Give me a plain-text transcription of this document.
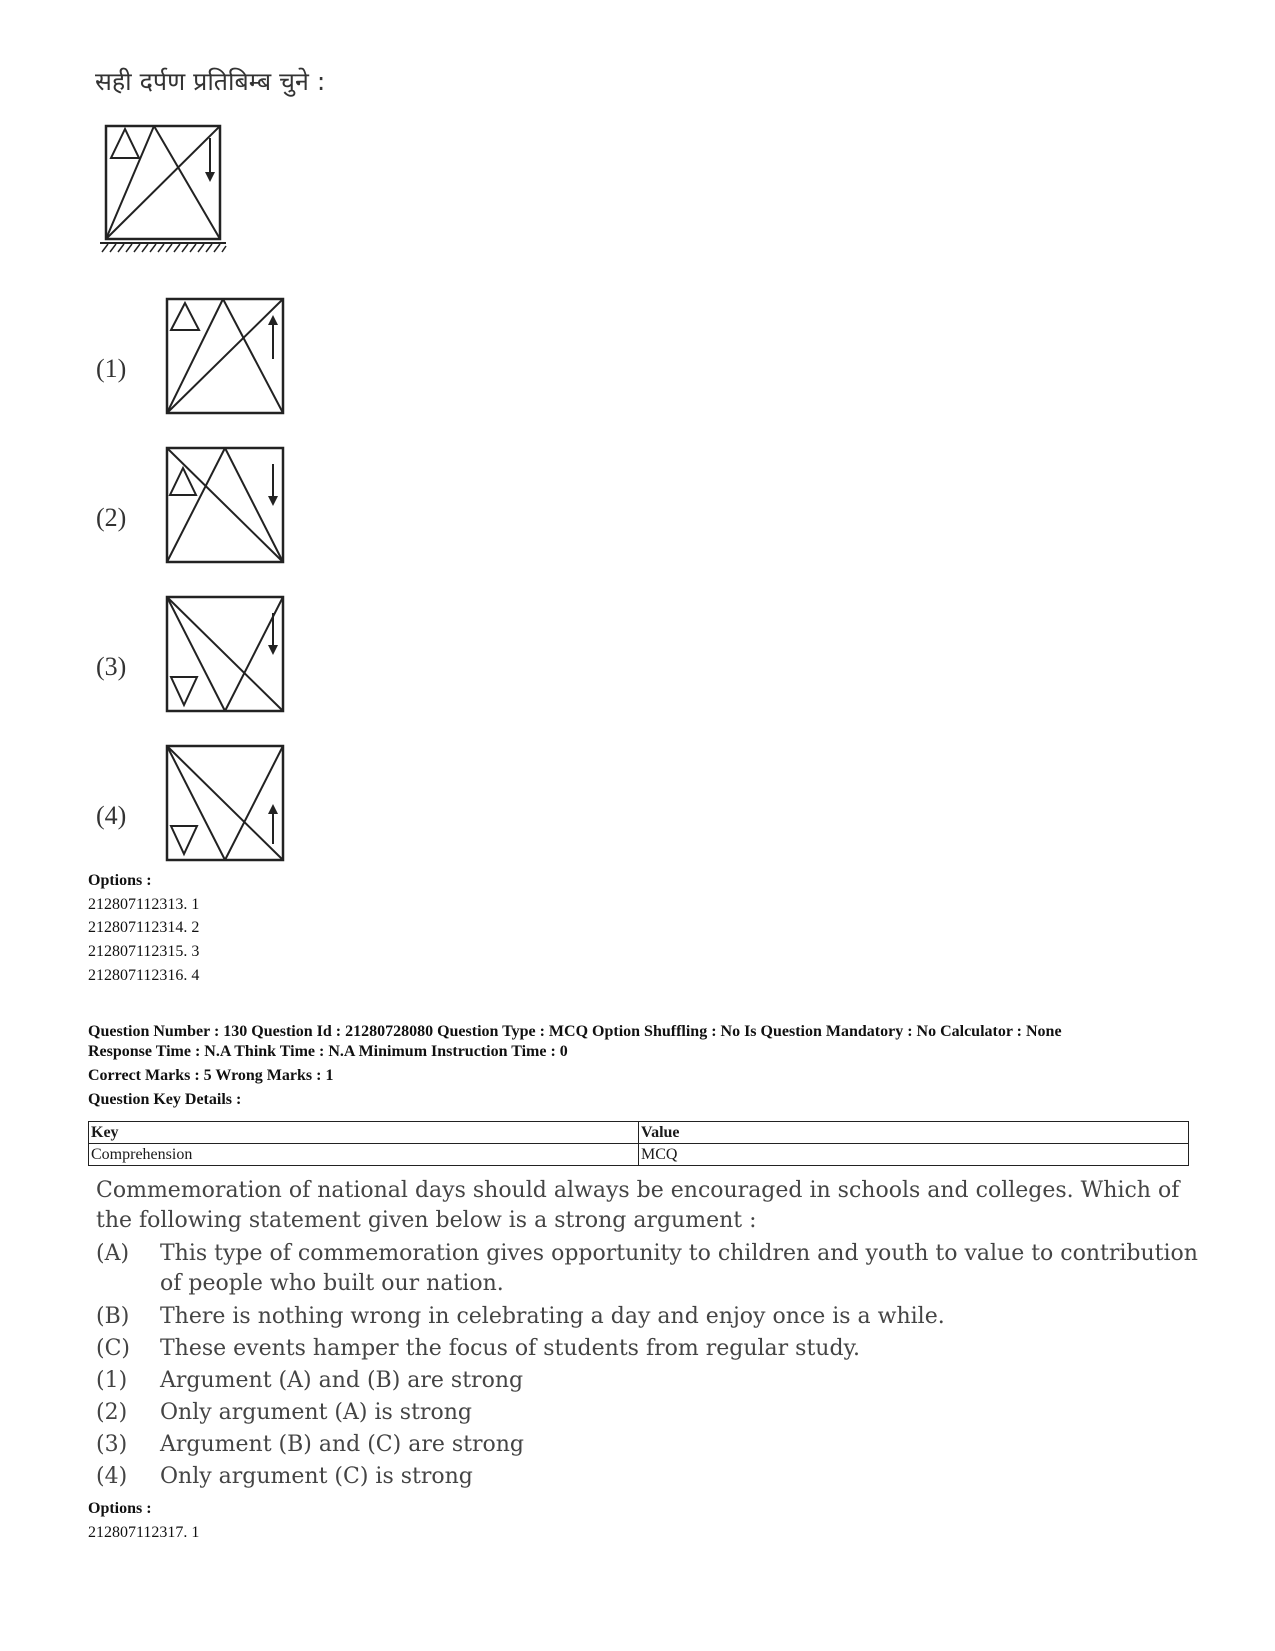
सही दर्पण प्रतिबिम्ब चुने :
(1)
(2)
(3)
(4)
Options :
212807112313. 1
212807112314. 2
212807112315. 3
212807112316. 4
Question Number : 130 Question Id : 21280728080 Question Type : MCQ Option Shuffling : No Is Question Mandatory : No Calculator : None
Response Time : N.A Think Time : N.A Minimum Instruction Time : 0
Correct Marks : 5 Wrong Marks : 1
Question Key Details :
Key	Value
Comprehension	MCQ
Commemoration of national days should always be encouraged in schools and colleges. Which of the following statement given below is a strong argument :
(A) This type of commemoration gives opportunity to children and youth to value to contribution of people who built our nation.
(B) There is nothing wrong in celebrating a day and enjoy once is a while.
(C) These events hamper the focus of students from regular study.
(1) Argument (A) and (B) are strong
(2) Only argument (A) is strong
(3) Argument (B) and (C) are strong
(4) Only argument (C) is strong
Options :
212807112317. 1
